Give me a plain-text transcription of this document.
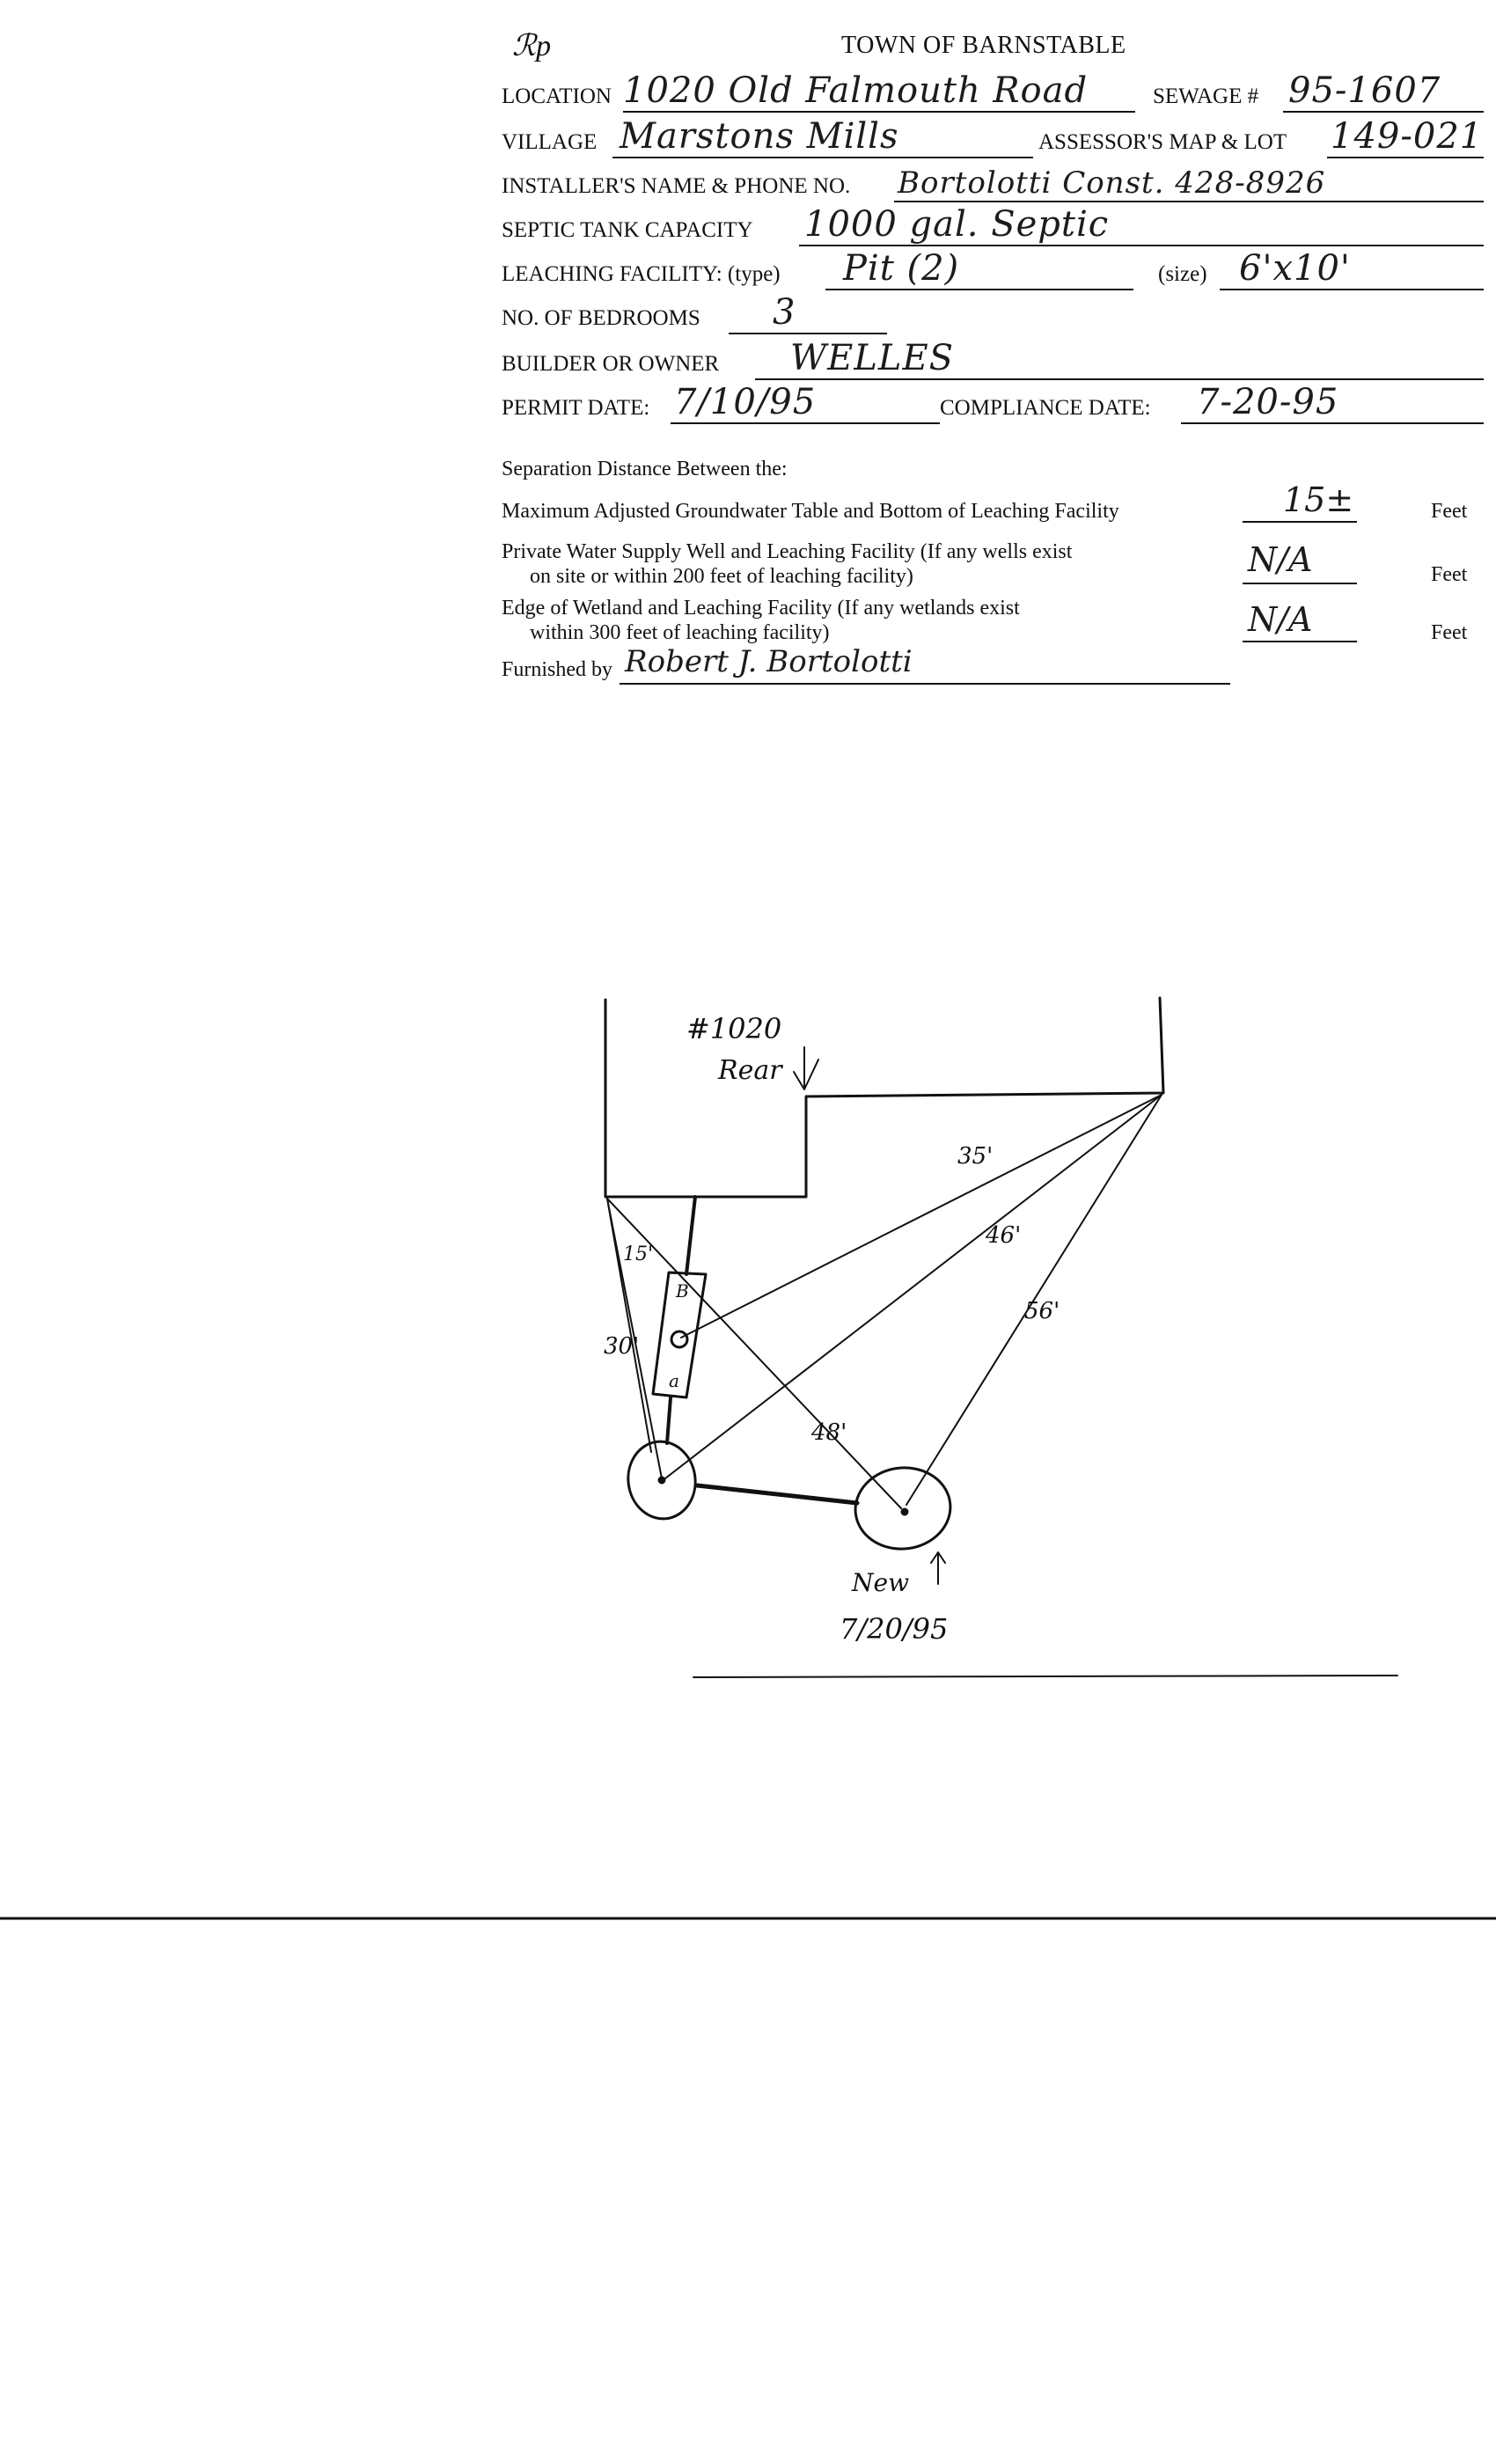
ℛp	TOWN OF BARNSTABLE
LOCATION 1020 Old Falmouth Road	SEWAGE # 95-1607
VILLAGE Marstons Mills	ASSESSOR'S MAP & LOT 149-021
INSTALLER'S NAME & PHONE NO. Bortolotti Const. 428-8926
SEPTIC TANK CAPACITY 1000 gal. Septic
LEACHING FACILITY: (type) Pit (2)	(size) 6'x10'
NO. OF BEDROOMS 3
BUILDER OR OWNER WELLES
PERMIT DATE: 7/10/95	COMPLIANCE DATE: 7-20-95
Separation Distance Between the:
Maximum Adjusted Groundwater Table and Bottom of Leaching Facility	15±	Feet
Private Water Supply Well and Leaching Facility (If any wells exist
on site or within 200 feet of leaching facility)	N/A	Feet
Edge of Wetland and Leaching Facility (If any wetlands exist
within 300 feet of leaching facility)	N/A	Feet
Furnished by Robert J. Bortolotti
#1020
Rear
B
a
35'
46'
56'
48'
30'
15'
New
7/20/95
